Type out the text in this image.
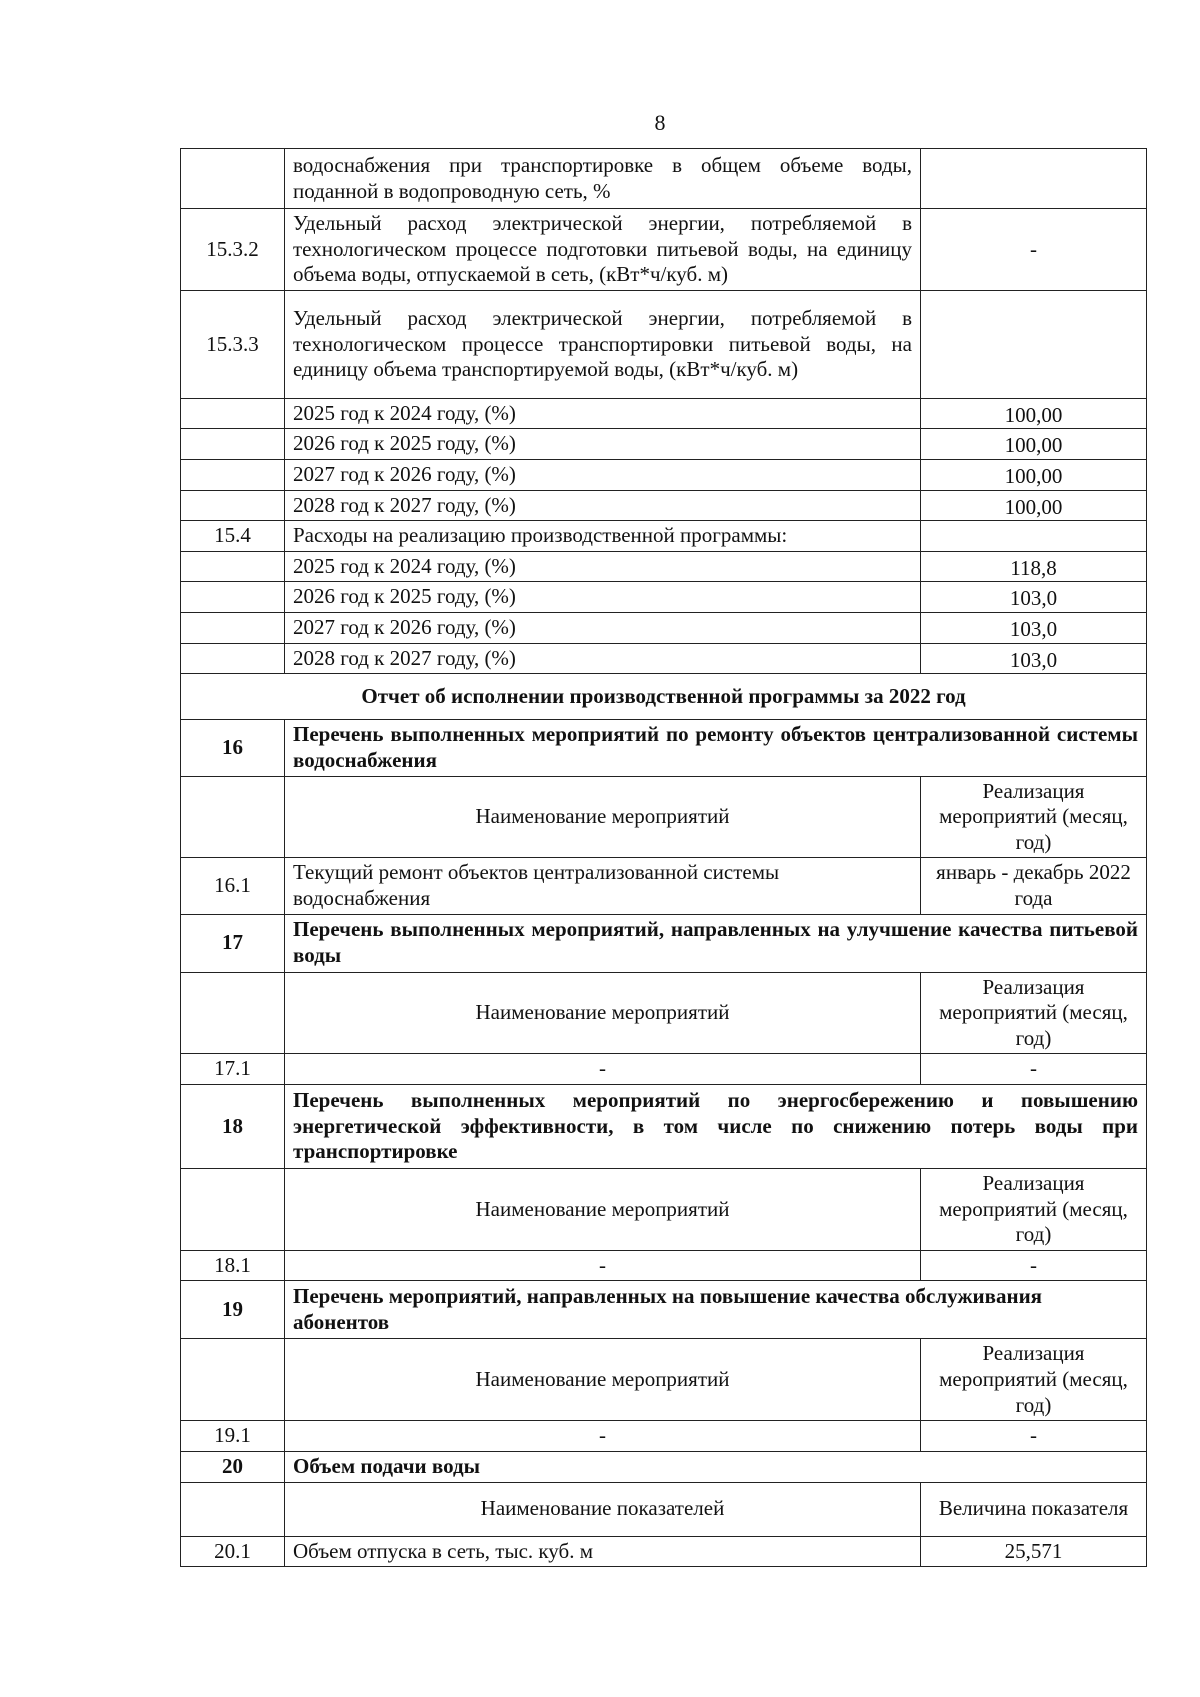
8
	водоснабжения при транспортировке в общем объеме воды, поданной в водопроводную сеть, %	
15.3.2	Удельный расход электрической энергии, потребляемой в технологическом процессе подготовки питьевой воды, на единицу объема воды, отпускаемой в сеть, (кВт*ч/куб. м)	-
15.3.3	Удельный расход электрической энергии, потребляемой в технологическом процессе транспортировки питьевой воды, на единицу объема транспортируемой воды, (кВт*ч/куб. м)	
	2025 год к 2024 году, (%)	100,00
	2026 год к 2025 году, (%)	100,00
	2027 год к 2026 году, (%)	100,00
	2028 год к 2027 году, (%)	100,00
15.4	Расходы на реализацию производственной программы:	
	2025 год к 2024 году, (%)	118,8
	2026 год к 2025 году, (%)	103,0
	2027 год к 2026 году, (%)	103,0
	2028 год к 2027 году, (%)	103,0
Отчет об исполнении производственной программы за 2022 год		
16	Перечень выполненных мероприятий по ремонту объектов централизованной системы водоснабжения	
	Наименование мероприятий	Реализация мероприятий (месяц, год)
16.1	Текущий ремонт объектов централизованной системы водоснабжения	январь - декабрь 2022 года
17	Перечень выполненных мероприятий, направленных на улучшение качества питьевой воды	
	Наименование мероприятий	Реализация мероприятий (месяц, год)
17.1	-	-
18	Перечень выполненных мероприятий по энергосбережению и повышению энергетической эффективности, в том числе по снижению потерь воды при транспортировке	
	Наименование мероприятий	Реализация мероприятий (месяц, год)
18.1	-	-
19	Перечень мероприятий, направленных на повышение качества обслуживания абонентов	
	Наименование мероприятий	Реализация мероприятий (месяц, год)
19.1	-	-
20	Объем подачи воды	
	Наименование показателей	Величина показателя
20.1	Объем отпуска в сеть, тыс. куб. м	25,571
